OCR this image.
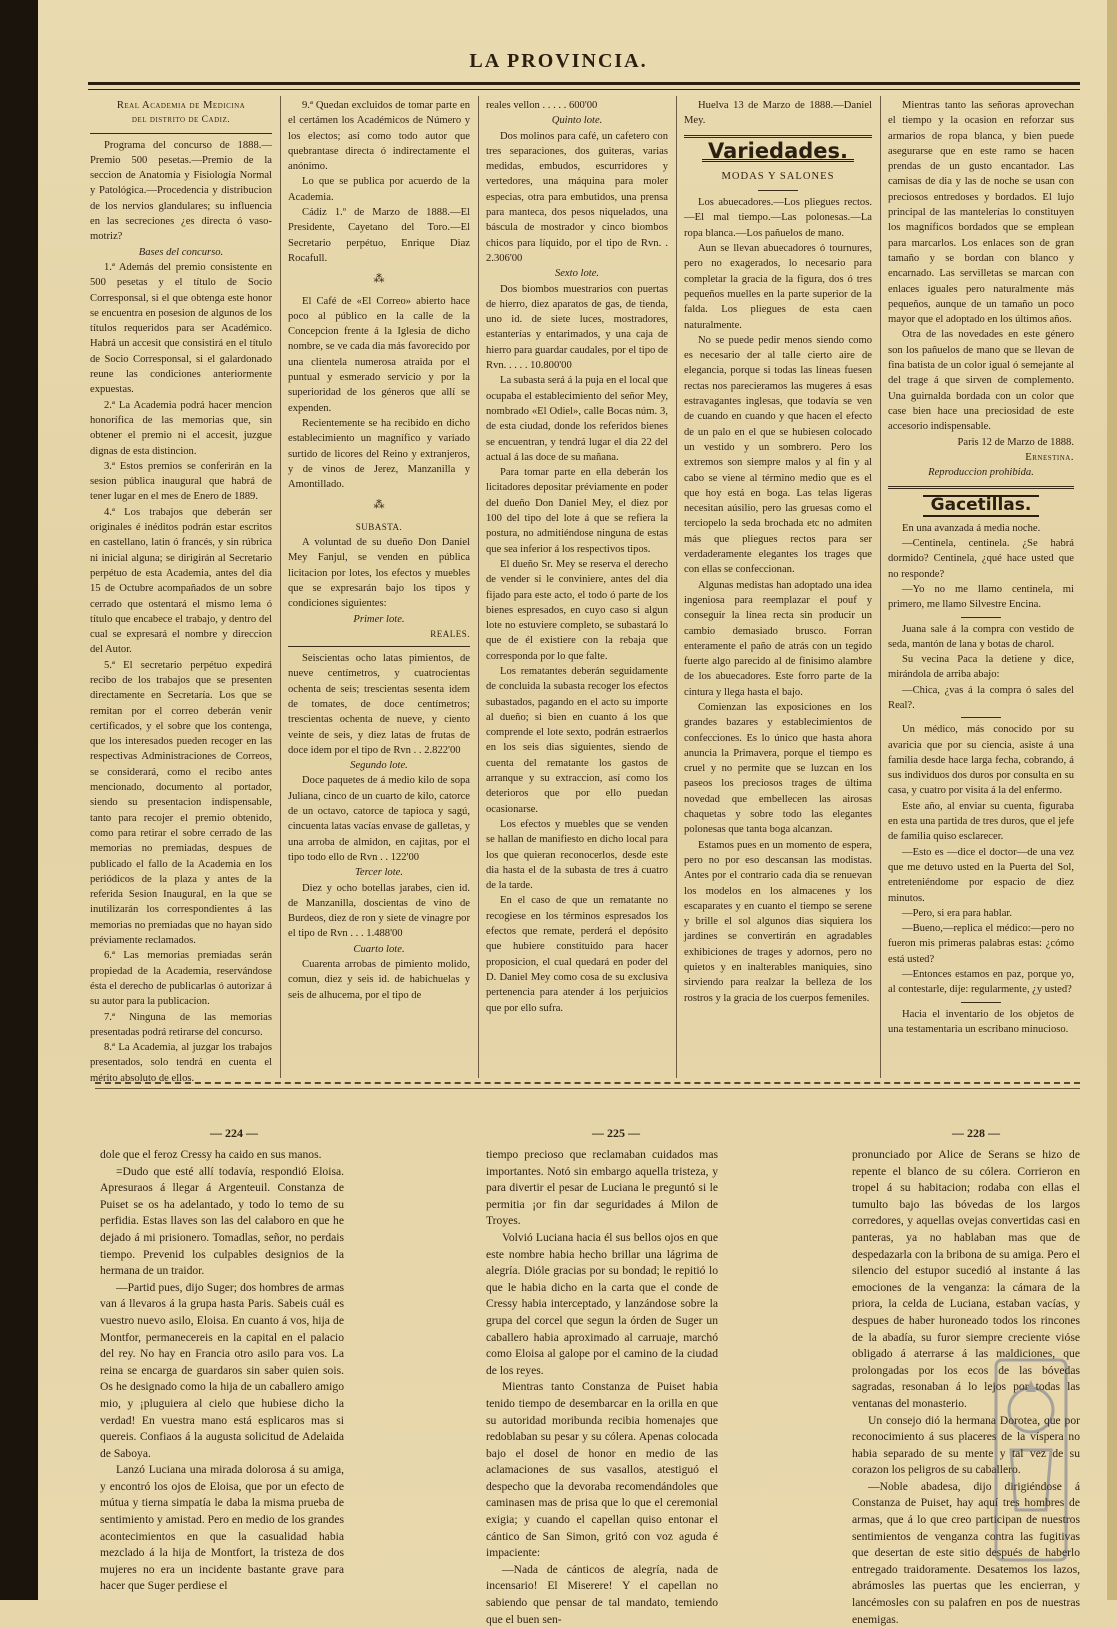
LA PROVINCIA.

Real Academia de Medicina

del distrito de Cadiz.

Programa del concurso de 1888.—Premio 500 pesetas.—Premio de la seccion de Anatomía y Fisiología Normal y Patológica.—Procedencia y distribucion de los nervios glandulares; su influencia en las secreciones ¿es directa ó vaso-motriz?

Bases del concurso.

1.ª Además del premio consistente en 500 pesetas y el título de Socio Corresponsal, si el que obtenga este honor se encuentra en posesion de algunos de los títulos requeridos para ser Académico. Habrá un accesit que consistirá en el título de Socio Corresponsal, si el galardonado reune las condiciones anteriormente expuestas.

2.ª La Academia podrá hacer mencion honorífica de las memorias que, sin obtener el premio ni el accesit, juzgue dignas de esta distincion.

3.ª Estos premios se conferirán en la sesion pública inaugural que habrá de tener lugar en el mes de Enero de 1889.

4.ª Los trabajos que deberán ser originales é inéditos podrán estar escritos en castellano, latin ó francés, y sin rúbrica ni inicial alguna; se dirigirán al Secretario perpétuo de esta Academia, antes del dia 15 de Octubre acompañados de un sobre cerrado que ostentará el mismo lema ó título que encabece el trabajo, y dentro del cual se expresará el nombre y direccion del Autor.

5.ª El secretario perpétuo expedirá recibo de los trabajos que se presenten directamente en Secretaría. Los que se remitan por el correo deberán venir certificados, y el sobre que los contenga, que los interesados pueden recoger en las respectivas Administraciones de Correos, se considerará, como el recibo antes mencionado, documento al portador, siendo su presentacion indispensable, tanto para recojer el premio obtenido, como para retirar el sobre cerrado de las memorias no premiadas, despues de publicado el fallo de la Academia en los periódicos de la plaza y antes de la referida Sesion Inaugural, en la que se inutilizarán los correspondientes á las memorias no premiadas que no hayan sido préviamente reclamados.

6.ª Las memorias premiadas serán propiedad de la Academia, reservándose ésta el derecho de publicarlas ó autorizar á su autor para la publicacion.

7.ª Ninguna de las memorias presentadas podrá retirarse del concurso.

8.ª La Academia, al juzgar los trabajos presentados, solo tendrá en cuenta el mérito absoluto de ellos.

9.ª Quedan excluidos de tomar parte en el certámen los Académicos de Número y los electos; así como todo autor que quebrantase directa ó indirectamente el anónimo.

Lo que se publica por acuerdo de la Academia.

Cádiz 1.º de Marzo de 1888.—El Presidente, Cayetano del Toro.—El Secretario perpétuo, Enrique Diaz Rocafull.

⁂

El Café de «El Correo» abierto hace poco al público en la calle de la Concepcion frente á la Iglesia de dicho nombre, se ve cada dia más favorecido por una clientela numerosa atraida por el puntual y esmerado servicio y por la superioridad de los géneros que allí se expenden.

Recientemente se ha recibido en dicho establecimiento un magnífico y variado surtido de licores del Reino y extranjeros, y de vinos de Jerez, Manzanilla y Amontillado.

⁂

SUBASTA.

A voluntad de su dueño Don Daniel Mey Fanjul, se venden en pública licitacion por lotes, los efectos y muebles que se expresarán bajo los tipos y condiciones siguientes:

Primer lote.

REALES.

Seiscientas ocho latas pimientos, de nueve centímetros, y cuatrocientas ochenta de seis; trescientas sesenta idem de tomates, de doce centímetros; trescientas ochenta de nueve, y ciento veinte de seis, y diez latas de frutas de doce idem por el tipo de Rvn . . 2.822'00

Segundo lote.

Doce paquetes de á medio kilo de sopa Juliana, cinco de un cuarto de kilo, catorce de un octavo, catorce de tapioca y sagú, cincuenta latas vacías envase de galletas, y una arroba de almidon, en cajitas, por el tipo todo ello de Rvn . . 122'00

Tercer lote.

Diez y ocho botellas jarabes, cien id. de Manzanilla, doscientas de vino de Burdeos, diez de ron y siete de vinagre por el tipo de Rvn . . . 1.488'00

Cuarto lote.

Cuarenta arrobas de pimiento molido, comun, diez y seis id. de habichuelas y seis de alhucema, por el tipo de

reales vellon . . . . . 600'00

Quinto lote.

Dos molinos para café, un cafetero con tres separaciones, dos guiteras, varias medidas, embudos, escurridores y vertedores, una máquina para moler especias, otra para embutidos, una prensa para manteca, dos pesos niquelados, una báscula de mostrador y cinco biombos chicos para líquido, por el tipo de Rvn. . 2.306'00

Sexto lote.

Dos biombos muestrarios con puertas de hierro, diez aparatos de gas, de tienda, uno id. de siete luces, mostradores, estanterías y entarimados, y una caja de hierro para guardar caudales, por el tipo de Rvn. . . . . 10.800'00

La subasta será á la puja en el local que ocupaba el establecimiento del señor Mey, nombrado «El Odiel», calle Bocas núm. 3, de esta ciudad, donde los referidos bienes se encuentran, y tendrá lugar el dia 22 del actual á las doce de su mañana.

Para tomar parte en ella deberán los licitadores depositar préviamente en poder del dueño Don Daniel Mey, el diez por 100 del tipo del lote á que se refiera la postura, no admitiéndose ninguna de estas que sea inferior á los respectivos tipos.

El dueño Sr. Mey se reserva el derecho de vender si le conviniere, antes del dia fijado para este acto, el todo ó parte de los bienes espresados, en cuyo caso si algun lote no estuviere completo, se subastará lo que de él existiere con la rebaja que corresponda por lo que falte.

Los rematantes deberán seguidamente de concluida la subasta recoger los efectos subastados, pagando en el acto su importe al dueño; si bien en cuanto á los que comprende el lote sexto, podrán estraerlos en los seis dias siguientes, siendo de cuenta del rematante los gastos de arranque y su extraccion, así como los deterioros que por ello puedan ocasionarse.

Los efectos y muebles que se venden se hallan de manifiesto en dicho local para los que quieran reconocerlos, desde este dia hasta el de la subasta de tres á cuatro de la tarde.

En el caso de que un rematante no recogiese en los términos espresados los efectos que remate, perderá el depósito que hubiere constituido para hacer proposicion, el cual quedará en poder del D. Daniel Mey como cosa de su exclusiva pertenencia para atender á los perjuicios que por ello sufra.

Huelva 13 de Marzo de 1888.—Daniel Mey.

Variedades.

MODAS Y SALONES

Los abuecadores.—Los pliegues rectos.—El mal tiempo.—Las polonesas.—La ropa blanca.—Los pañuelos de mano.

Aun se llevan abuecadores ó tournures, pero no exagerados, lo necesario para completar la gracia de la figura, dos ó tres pequeños muelles en la parte superior de la falda. Los pliegues de esta caen naturalmente.

No se puede pedir menos siendo como es necesario der al talle cierto aire de elegancia, porque si todas las líneas fuesen rectas nos parecieramos las mugeres á esas estravagantes inglesas, que todavía se ven de cuando en cuando y que hacen el efecto de un palo en el que se hubiesen colocado un vestido y un sombrero. Pero los extremos son siempre malos y al fin y al cabo se viene al término medio que es el que hoy está en boga. Las telas ligeras necesitan aúsilio, pero las gruesas como el terciopelo la seda brochada etc no admiten más que pliegues rectos para ser verdaderamente elegantes los trages que con ellas se confeccionan.

Algunas medistas han adoptado una idea ingeniosa para reemplazar el pouf y conseguir la línea recta sin producir un cambio demasiado brusco. Forran enteramente el paño de atrás con un tegido fuerte algo parecido al de finisimo alambre de los abuecadores. Este forro parte de la cintura y llega hasta el bajo.

Comienzan las exposiciones en los grandes bazares y establecimientos de confecciones. Es lo único que hasta ahora anuncia la Primavera, porque el tiempo es cruel y no permite que se luzcan en los paseos los preciosos trages de última novedad que embellecen las airosas chaquetas y sobre todo las elegantes polonesas que tanta boga alcanzan.

Estamos pues en un momento de espera, pero no por eso descansan las modistas. Antes por el contrario cada dia se renuevan los modelos en los almacenes y los escaparates y en cuanto el tiempo se serene y brille el sol algunos dias siquiera los jardines se convertirán en agradables exhibiciones de trages y adornos, pero no quietos y en inalterables maniquies, sino sirviendo para realzar la belleza de los rostros y la gracia de los cuerpos femeniles.

Mientras tanto las señoras aprovechan el tiempo y la ocasion en reforzar sus armarios de ropa blanca, y bien puede asegurarse que en este ramo se hacen prendas de un gusto encantador. Las camisas de dia y las de noche se usan con preciosos entredoses y bordados. El lujo principal de las mantelerías lo constituyen los magníficos bordados que se emplean para marcarlos. Los enlaces son de gran tamaño y se bordan con blanco y encarnado. Las servilletas se marcan con enlaces iguales pero naturalmente más pequeños, aunque de un tamaño un poco mayor que el adoptado en los últimos años.

Otra de las novedades en este género son los pañuelos de mano que se llevan de fina batista de un color igual ó semejante al del trage á que sirven de complemento. Una guirnalda bordada con un color que case bien hace una preciosidad de este accesorio indispensable.

Paris 12 de Marzo de 1888.

Ernestina.

Reproduccion prohibida.

Gacetillas.

En una avanzada á media noche.

—Centinela, centinela. ¿Se habrá dormido? Centinela, ¿qué hace usted que no responde?

—Yo no me llamo centinela, mi primero, me llamo Silvestre Encina.

Juana sale á la compra con vestido de seda, mantón de lana y botas de charol.

Su vecina Paca la detiene y dice, mirándola de arriba abajo:

—Chica, ¿vas á la compra ó sales del Real?.

Un médico, más conocido por su avaricia que por su ciencia, asiste á una familia desde hace larga fecha, cobrando, á sus individuos dos duros por consulta en su casa, y cuatro por visita á la del enfermo.

Este año, al enviar su cuenta, figuraba en esta una partida de tres duros, que el jefe de familia quiso esclarecer.

—Esto es —dice el doctor—de una vez que me detuvo usted en la Puerta del Sol, entreteniéndome por espacio de diez minutos.

—Pero, si era para hablar.

—Bueno,—replica el médico:—pero no fueron mis primeras palabras estas: ¿cómo está usted?

—Entonces estamos en paz, porque yo, al contestarle, dije: regularmente, ¿y usted?

Hacia el inventario de los objetos de una testamentaria un escribano minucioso.

— 224 —	— 225 —	— 228 —

dole que el feroz Cressy ha caido en sus manos.

=Dudo que esté allí todavía, respondió Eloisa. Apresuraos á llegar á Argenteuil. Constanza de Puiset se os ha adelantado, y todo lo temo de su perfidia. Estas llaves son las del calaboro en que he dejado á mi prisionero. Tomadlas, señor, no perdais tiempo. Prevenid los culpables designios de la hermana de un traidor.

—Partid pues, dijo Suger; dos hombres de armas van á llevaros á la grupa hasta Paris. Sabeis cuál es vuestro nuevo asilo, Eloisa. En cuanto á vos, hija de Montfor, permanecereis en la capital en el palacio del rey. No hay en Francia otro asilo para vos. La reina se encarga de guardaros sin saber quien sois. Os he designado como la hija de un caballero amigo mio, y ¡pluguiera al cielo que hubiese dicho la verdad! En vuestra mano está esplicaros mas si quereis. Confiaos á la augusta solicitud de Adelaida de Saboya.

Lanzó Luciana una mirada dolorosa á su amiga, y encontró los ojos de Eloisa, que por un efecto de mútua y tierna simpatía le daba la misma prueba de sentimiento y amistad. Pero en medio de los grandes acontecimientos en que la casualidad habia mezclado á la hija de Montfort, la tristeza de dos mujeres no era un incidente bastante grave para hacer que Suger perdiese el

tiempo precioso que reclamaban cuidados mas importantes. Notó sin embargo aquella tristeza, y para divertir el pesar de Luciana le preguntó si le permitia ¡or fin dar seguridades á Milon de Troyes.

Volvió Luciana hacia él sus bellos ojos en que este nombre habia hecho brillar una lágrima de alegría. Dióle gracias por su bondad; le repitió lo que le habia dicho en la carta que el conde de Cressy habia interceptado, y lanzándose sobre la grupa del corcel que segun la órden de Suger un caballero habia aproximado al carruaje, marchó como Eloisa al galope por el camino de la ciudad de los reyes.

Mientras tanto Constanza de Puiset habia tenido tiempo de desembarcar en la orilla en que su autoridad moribunda recibia homenajes que redoblaban su pesar y su cólera. Apenas colocada bajo el dosel de honor en medio de las aclamaciones de sus vasallos, atestiguó el despecho que la devoraba recomendándoles que caminasen mas de prisa que lo que el ceremonial exigia; y cuando el capellan quiso entonar el cántico de San Simon, gritó con voz aguda é impaciente:

—Nada de cánticos de alegría, nada de incensario! El Miserere! Y el capellan no sabiendo que pensar de tal mandato, temiendo que el buen sen-

pronunciado por Alice de Serans se hizo de repente el blanco de su cólera. Corrieron en tropel á su habitacion; rodaba con ellas el tumulto bajo las bóvedas de los largos corredores, y aquellas ovejas convertidas casi en panteras, ya no hablaban mas que de despedazarla con la bribona de su amiga. Pero el silencio del estupor sucedió al instante á las emociones de la venganza: la cámara de la priora, la celda de Luciana, estaban vacías, y despues de haber huroneado todos los rincones de la abadía, su furor siempre creciente vióse obligado á aterrarse á las maldiciones, que prolongadas por los ecos de las bóvedas sagradas, resonaban á lo lejos por todas las ventanas del monasterio.

Un consejo dió la hermana Dorotea, que por reconocimiento á sus placeres de la víspera no habia separado de su mente y tal vez de su corazon los peligros de su caballero.

—Noble abadesa, dijo dirigiéndose á Constanza de Puiset, hay aquí tres hombres de armas, que á lo que creo participan de nuestros sentimientos de venganza contra las fugitivas que desertan de este sitio después de haberlo entregado traidoramente. Desatemos los lazos, abrámosles las puertas que les encierran, y lancémosles con su palafren en pos de nuestras enemigas.
